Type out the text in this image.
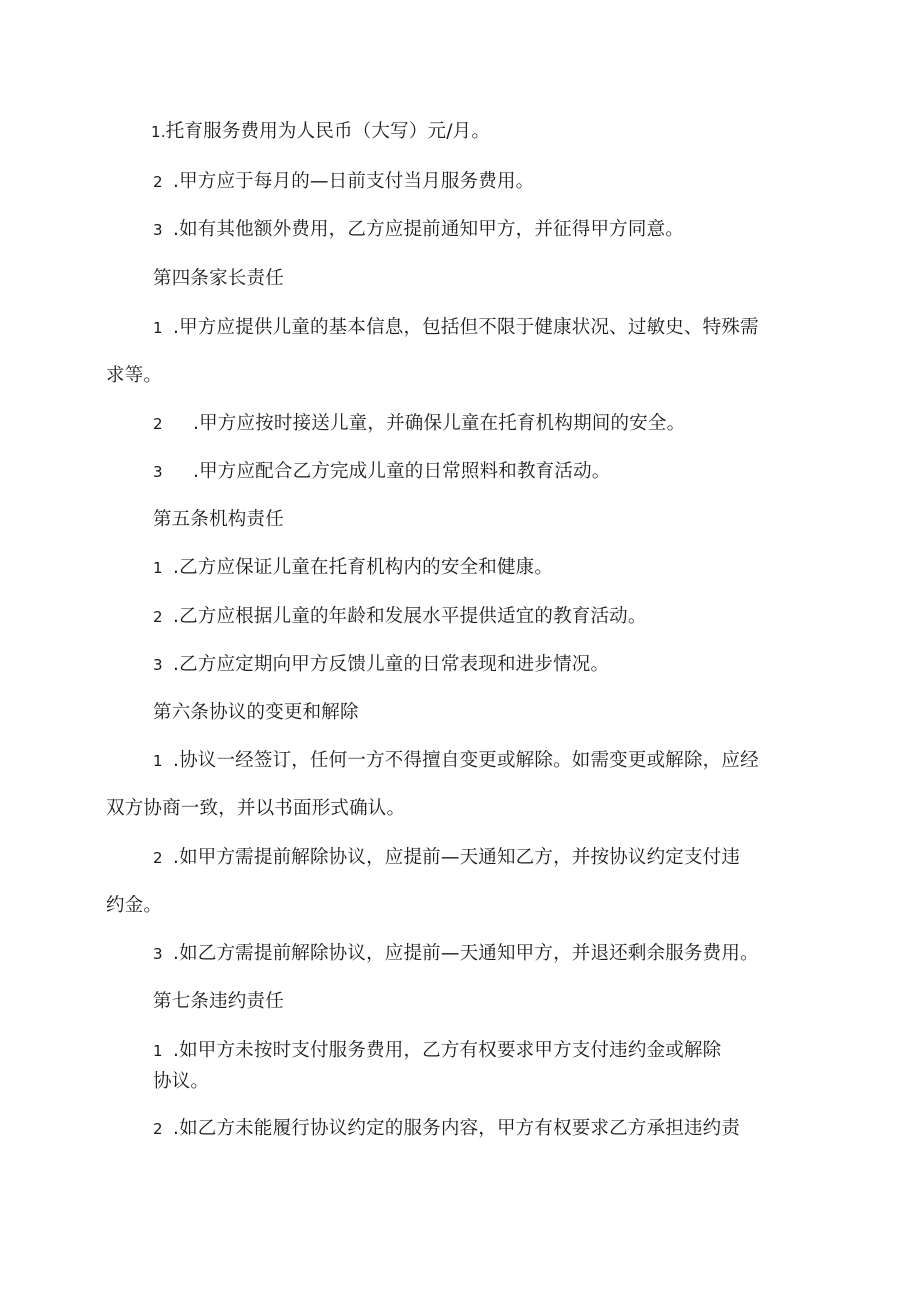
1.托育服务费用为人民币（大写）元/月。
2 .甲方应于每月的—日前支付当月服务费用。
3 .如有其他额外费用，乙方应提前通知甲方，并征得甲方同意。
第四条家长责任
1 .甲方应提供儿童的基本信息，包括但不限于健康状况、过敏史、特殊需
求等。
2 .甲方应按时接送儿童，并确保儿童在托育机构期间的安全。
3 .甲方应配合乙方完成儿童的日常照料和教育活动。
第五条机构责任
1 .乙方应保证儿童在托育机构内的安全和健康。
2 .乙方应根据儿童的年龄和发展水平提供适宜的教育活动。
3 .乙方应定期向甲方反馈儿童的日常表现和进步情况。
第六条协议的变更和解除
1 .协议一经签订，任何一方不得擅自变更或解除。如需变更或解除，应经
双方协商一致，并以书面形式确认。
2 .如甲方需提前解除协议，应提前—天通知乙方，并按协议约定支付违
约金。
3 .如乙方需提前解除协议，应提前—天通知甲方，并退还剩余服务费用。
第七条违约责任
1 .如甲方未按时支付服务费用，乙方有权要求甲方支付违约金或解除
协议。
2 .如乙方未能履行协议约定的服务内容，甲方有权要求乙方承担违约责
